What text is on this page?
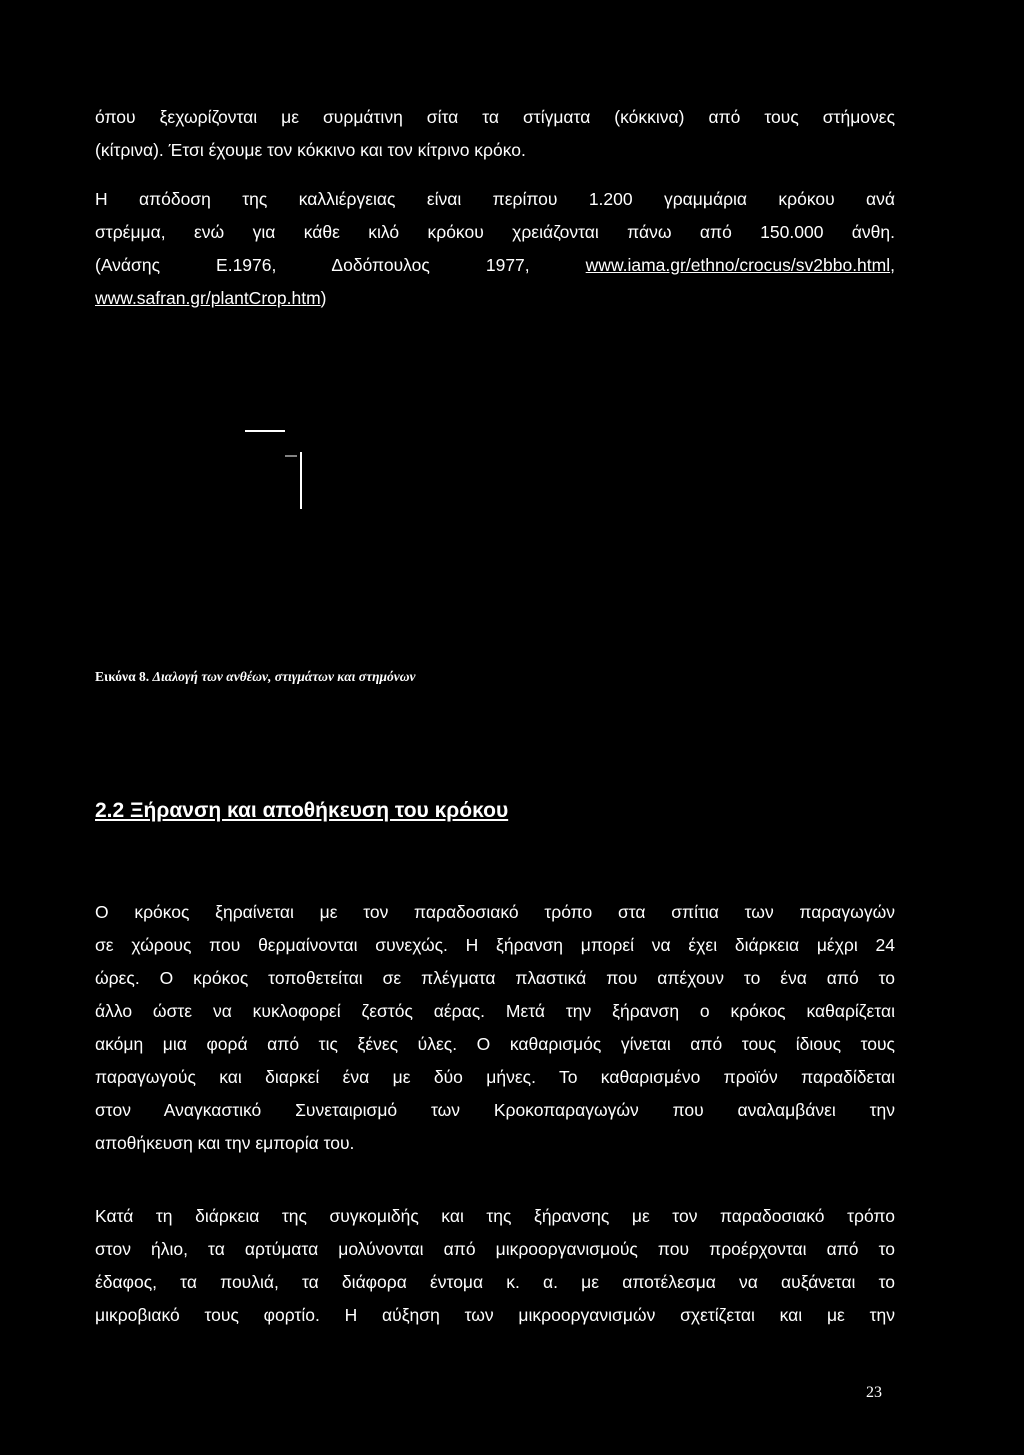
όπου ξεχωρίζονται με συρμάτινη σίτα τα στίγματα (κόκκινα) από τους στήμονες
(κίτρινα). Έτσι έχουμε τον κόκκινο και τον κίτρινο κρόκο.

Η απόδοση της καλλιέργειας είναι περίπου 1.200 γραμμάρια κρόκου ανά
στρέμμα, ενώ για κάθε κιλό κρόκου χρειάζονται πάνω από 150.000 άνθη.
(Ανάσης Ε.1976, Δοδόπουλος 1977, www.iama.gr/ethno/crocus/sv2bbo.html,
www.safran.gr/plantCrop.htm)

Εικόνα 8. Διαλογή των ανθέων, στιγμάτων και στημόνων
2.2 Ξήρανση και αποθήκευση του κρόκου

Ο κρόκος ξηραίνεται με τον παραδοσιακό τρόπο στα σπίτια των παραγωγών
σε χώρους που θερμαίνονται συνεχώς. Η ξήρανση μπορεί να έχει διάρκεια μέχρι 24
ώρες. Ο κρόκος τοποθετείται σε πλέγματα πλαστικά που απέχουν το ένα από το
άλλο ώστε να κυκλοφορεί ζεστός αέρας. Μετά την ξήρανση ο κρόκος καθαρίζεται
ακόμη μια φορά από τις ξένες ύλες. Ο καθαρισμός γίνεται από τους ίδιους τους
παραγωγούς και διαρκεί ένα με δύο μήνες. Το καθαρισμένο προϊόν παραδίδεται
στον Αναγκαστικό Συνεταιρισμό των Κροκοπαραγωγών που αναλαμβάνει την
αποθήκευση και την εμπορία του.

Κατά τη διάρκεια της συγκομιδής και της ξήρανσης με τον παραδοσιακό τρόπο
στον ήλιο, τα αρτύματα μολύνονται από μικροοργανισμούς που προέρχονται από το
έδαφος, τα πουλιά, τα διάφορα έντομα κ. α. με αποτέλεσμα να αυξάνεται το
μικροβιακό τους φορτίο. Η αύξηση των μικροοργανισμών σχετίζεται και με την

23
